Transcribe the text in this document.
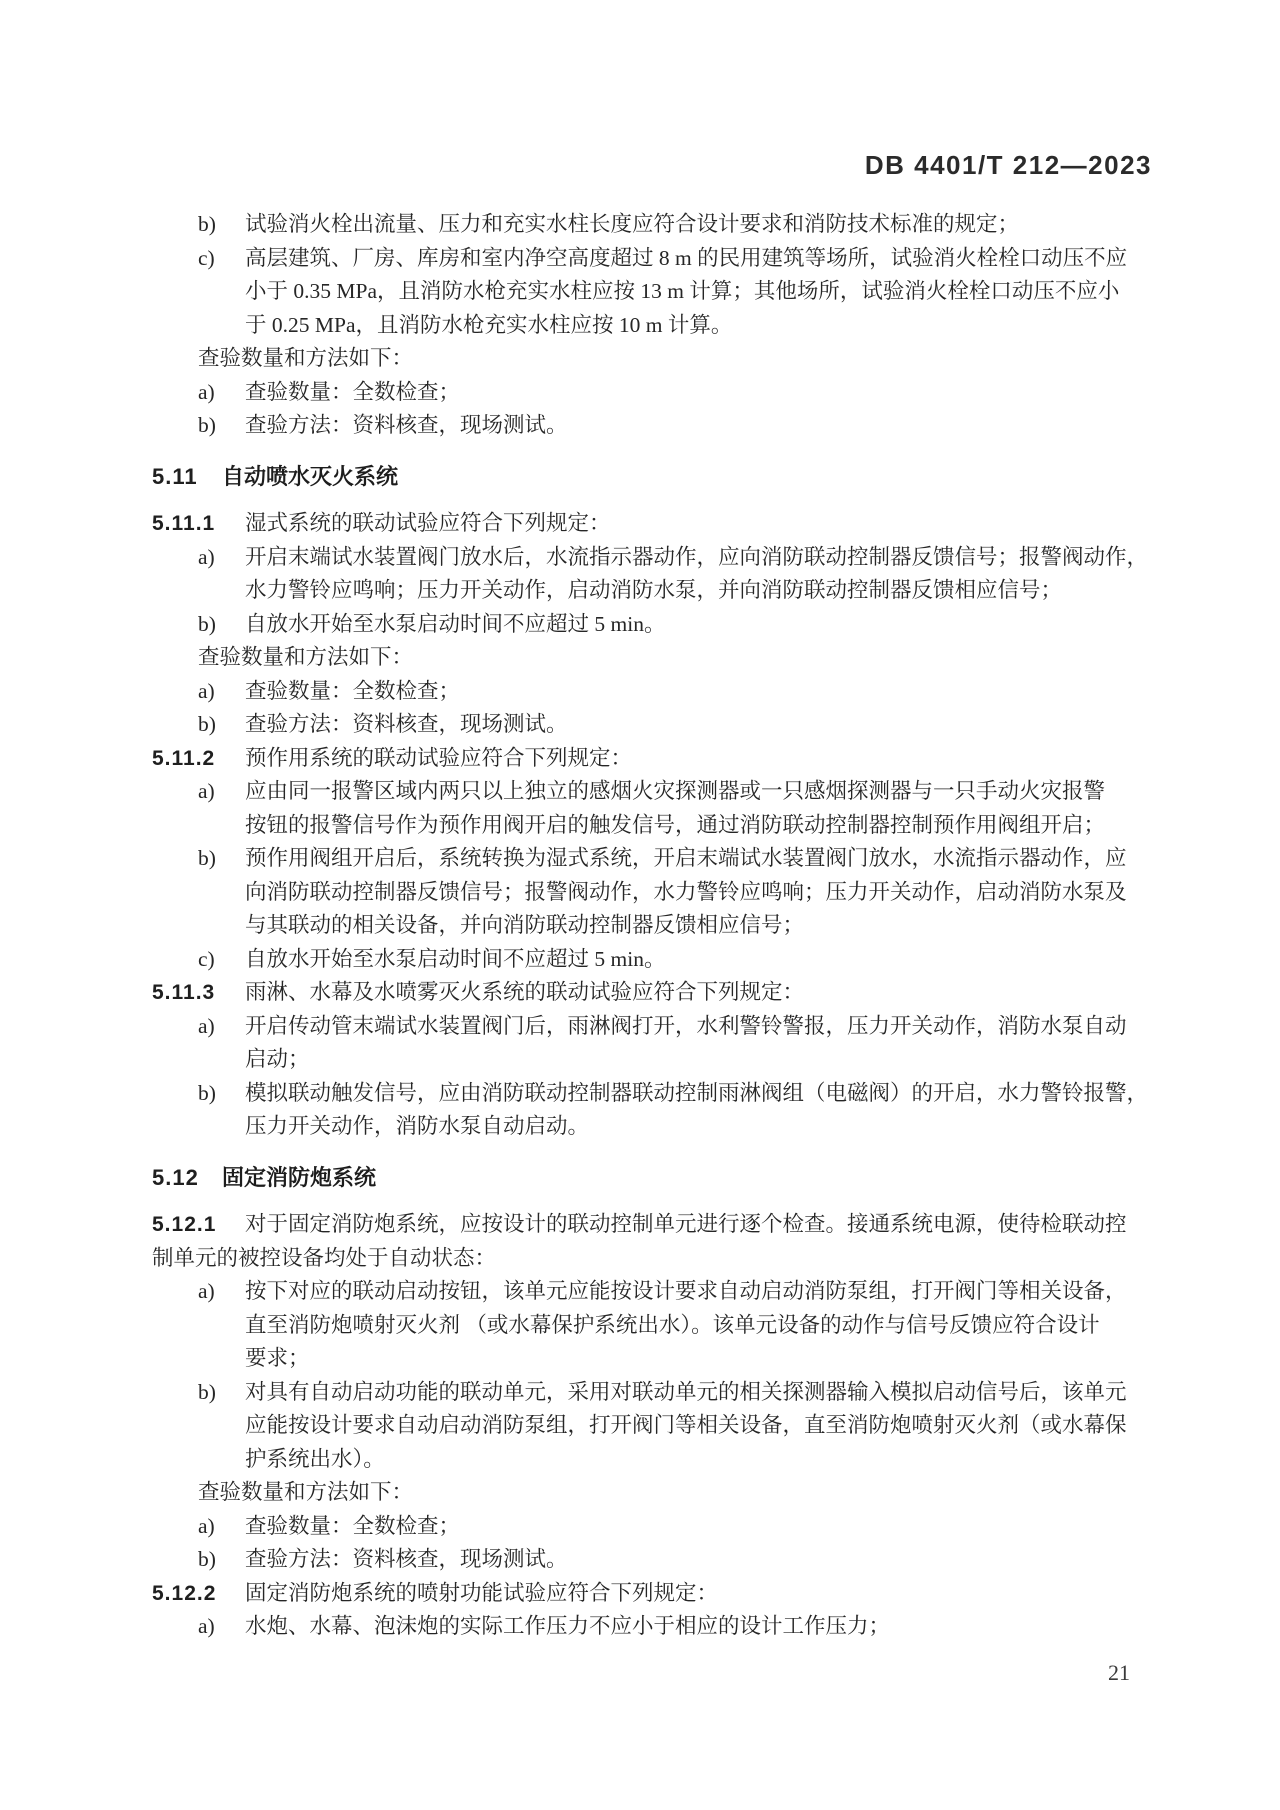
DB 4401/T 212—2023
b) 试验消火栓出流量、压力和充实水柱长度应符合设计要求和消防技术标准的规定；
c) 高层建筑、厂房、库房和室内净空高度超过 8 m 的民用建筑等场所，试验消火栓栓口动压不应
小于 0.35 MPa，且消防水枪充实水柱应按 13 m 计算；其他场所，试验消火栓栓口动压不应小
于 0.25 MPa，且消防水枪充实水柱应按 10 m 计算。
查验数量和方法如下：
a) 查验数量：全数检查；
b) 查验方法：资料核查，现场测试。
5.11 自动喷水灭火系统
5.11.1 湿式系统的联动试验应符合下列规定：
a) 开启末端试水装置阀门放水后，水流指示器动作，应向消防联动控制器反馈信号；报警阀动作，
水力警铃应鸣响；压力开关动作，启动消防水泵，并向消防联动控制器反馈相应信号；
b) 自放水开始至水泵启动时间不应超过 5 min。
查验数量和方法如下：
a) 查验数量：全数检查；
b) 查验方法：资料核查，现场测试。
5.11.2 预作用系统的联动试验应符合下列规定：
a) 应由同一报警区域内两只以上独立的感烟火灾探测器或一只感烟探测器与一只手动火灾报警
按钮的报警信号作为预作用阀开启的触发信号，通过消防联动控制器控制预作用阀组开启；
b) 预作用阀组开启后，系统转换为湿式系统，开启末端试水装置阀门放水，水流指示器动作，应
向消防联动控制器反馈信号；报警阀动作，水力警铃应鸣响；压力开关动作，启动消防水泵及
与其联动的相关设备，并向消防联动控制器反馈相应信号；
c) 自放水开始至水泵启动时间不应超过 5 min。
5.11.3 雨淋、水幕及水喷雾灭火系统的联动试验应符合下列规定：
a) 开启传动管末端试水装置阀门后，雨淋阀打开，水利警铃警报，压力开关动作，消防水泵自动
启动；
b) 模拟联动触发信号，应由消防联动控制器联动控制雨淋阀组（电磁阀）的开启，水力警铃报警，
压力开关动作，消防水泵自动启动。
5.12 固定消防炮系统
5.12.1 对于固定消防炮系统，应按设计的联动控制单元进行逐个检查。接通系统电源，使待检联动控
制单元的被控设备均处于自动状态：
a) 按下对应的联动启动按钮，该单元应能按设计要求自动启动消防泵组，打开阀门等相关设备，
直至消防炮喷射灭火剂 （或水幕保护系统出水）。该单元设备的动作与信号反馈应符合设计
要求；
b) 对具有自动启动功能的联动单元，采用对联动单元的相关探测器输入模拟启动信号后，该单元
应能按设计要求自动启动消防泵组，打开阀门等相关设备，直至消防炮喷射灭火剂（或水幕保
护系统出水）。
查验数量和方法如下：
a) 查验数量：全数检查；
b) 查验方法：资料核查，现场测试。
5.12.2 固定消防炮系统的喷射功能试验应符合下列规定：
a) 水炮、水幕、泡沫炮的实际工作压力不应小于相应的设计工作压力；
21
